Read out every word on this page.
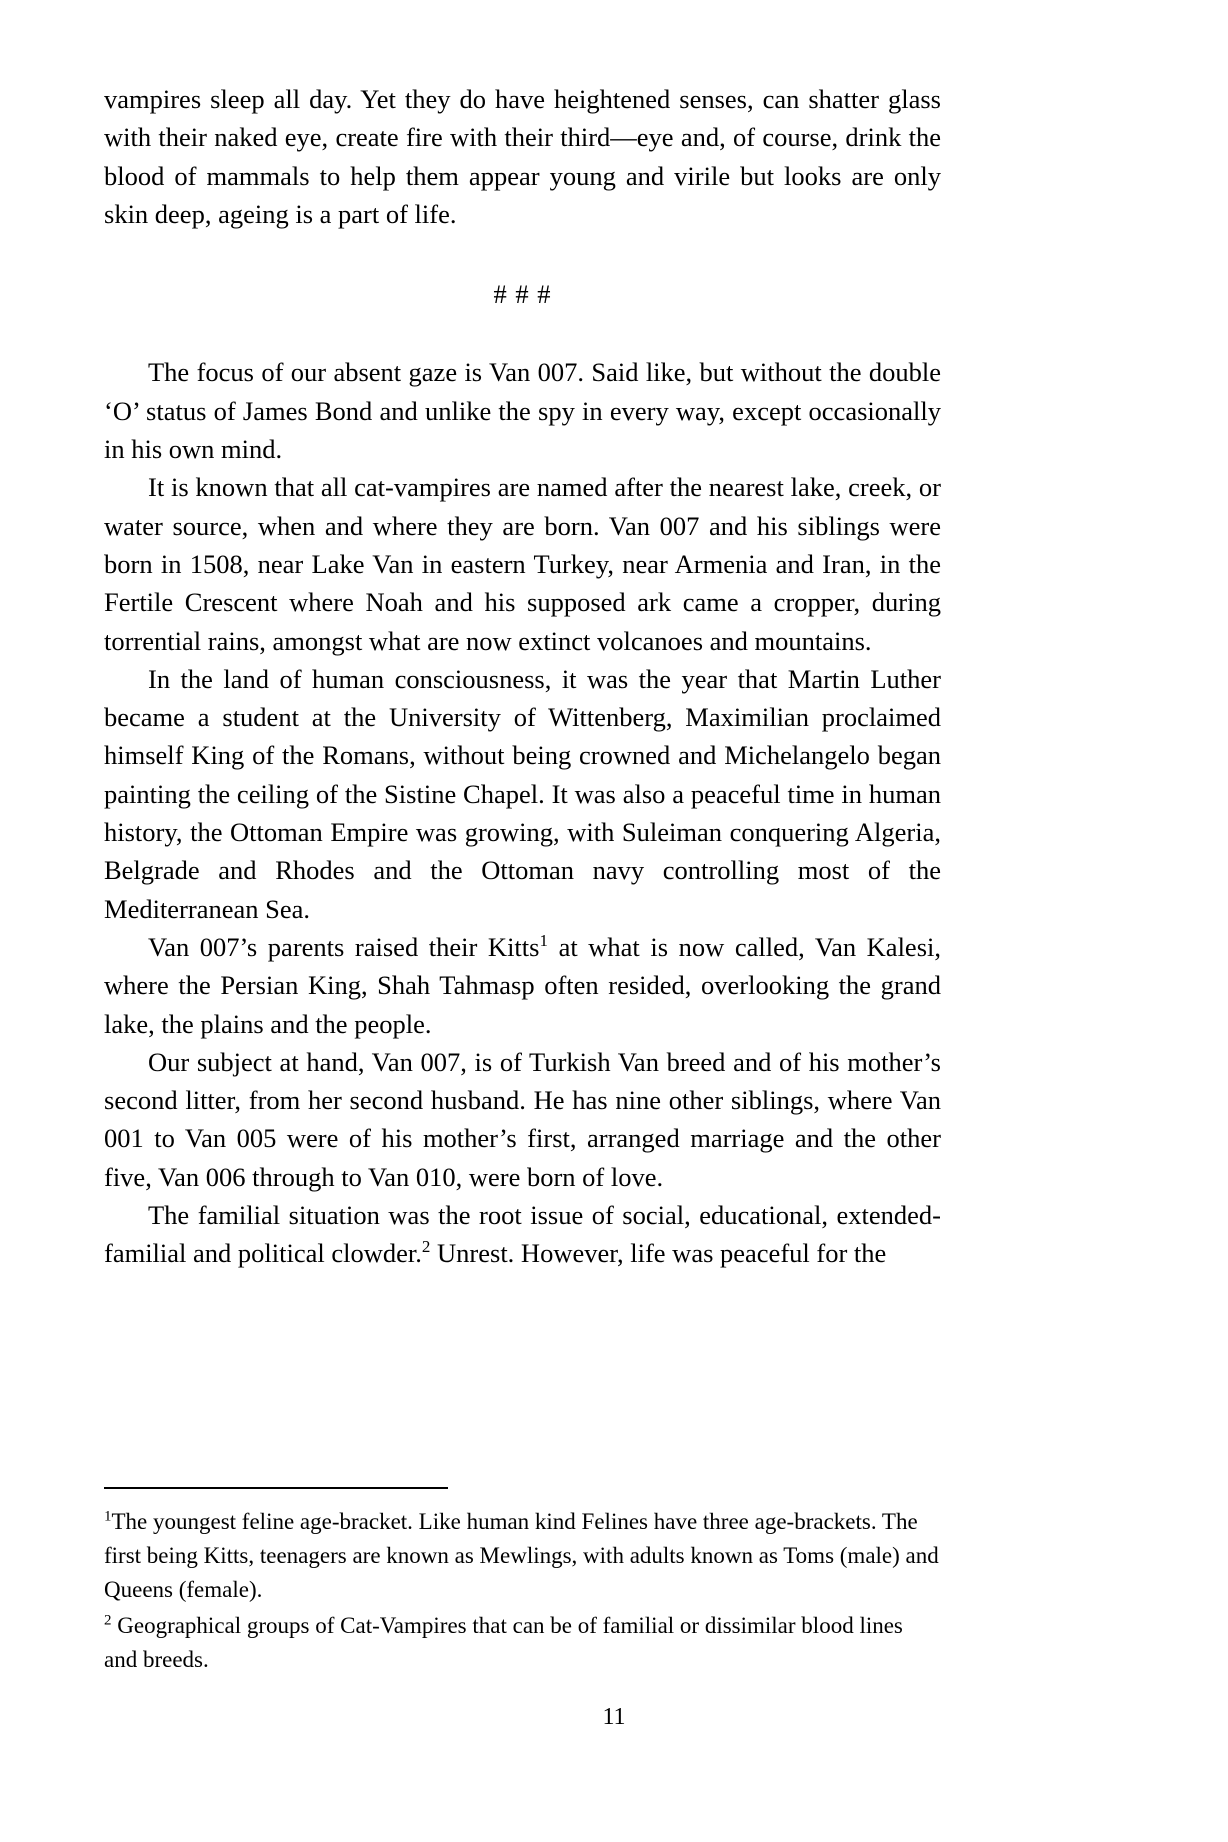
vampires sleep all day. Yet they do have heightened senses, can shatter glass with their naked eye, create fire with their third—eye and, of course, drink the blood of mammals to help them appear young and virile but looks are only skin deep, ageing is a part of life.

# # #

The focus of our absent gaze is Van 007. Said like, but without the double ‘O’ status of James Bond and unlike the spy in every way, except occasionally in his own mind.

It is known that all cat-vampires are named after the nearest lake, creek, or water source, when and where they are born. Van 007 and his siblings were born in 1508, near Lake Van in eastern Turkey, near Armenia and Iran, in the Fertile Crescent where Noah and his supposed ark came a cropper, during torrential rains, amongst what are now extinct volcanoes and mountains.

In the land of human consciousness, it was the year that Martin Luther became a student at the University of Wittenberg, Maximilian proclaimed himself King of the Romans, without being crowned and Michelangelo began painting the ceiling of the Sistine Chapel. It was also a peaceful time in human history, the Ottoman Empire was growing, with Suleiman conquering Algeria, Belgrade and Rhodes and the Ottoman navy controlling most of the Mediterranean Sea.

Van 007’s parents raised their Kitts$^1$ at what is now called, Van Kalesi, where the Persian King, Shah Tahmasp often resided, overlooking the grand lake, the plains and the people.

Our subject at hand, Van 007, is of Turkish Van breed and of his mother’s second litter, from her second husband. He has nine other siblings, where Van 001 to Van 005 were of his mother’s first, arranged marriage and the other five, Van 006 through to Van 010, were born of love.

The familial situation was the root issue of social, educational, extended-familial and political clowder.$^2$ Unrest. However, life was peaceful for the

$^1$The youngest feline age-bracket. Like human kind Felines have three age-brackets. The first being Kitts, teenagers are known as Mewlings, with adults known as Toms (male) and Queens (female).

$^2$ Geographical groups of Cat-Vampires that can be of familial or dissimilar blood lines and breeds.

11
